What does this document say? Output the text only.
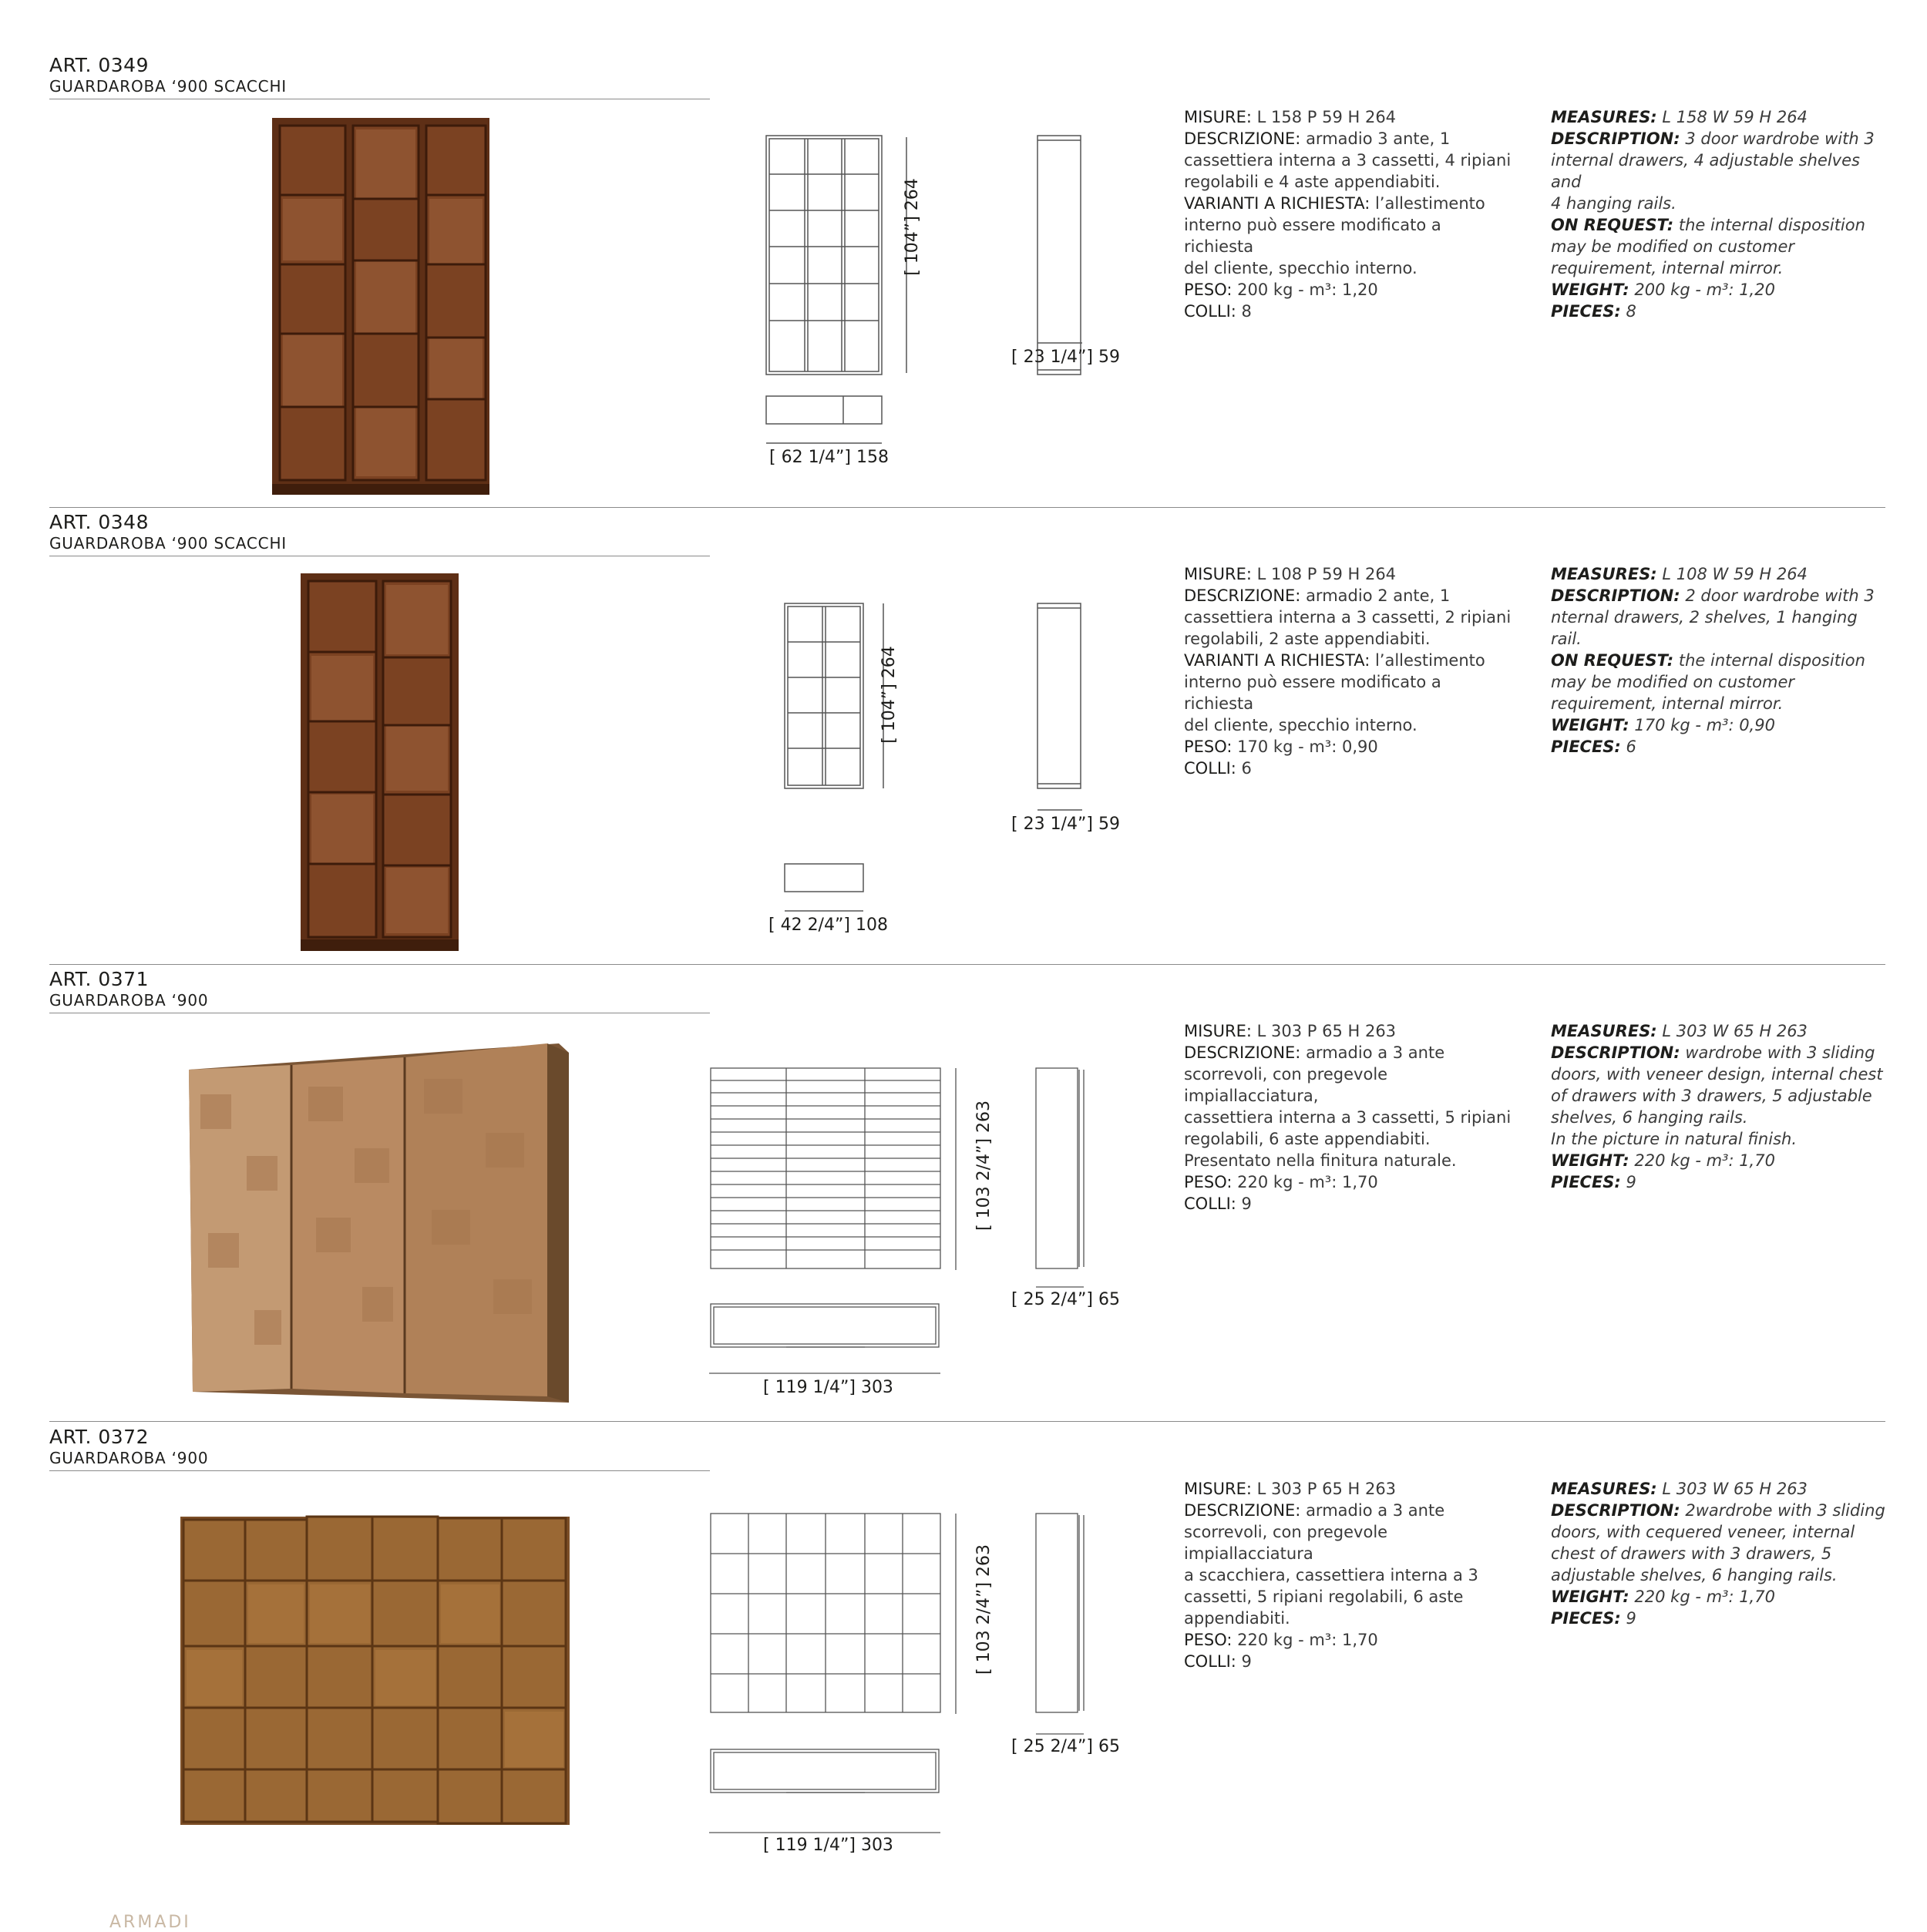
ART. 0349
GUARDAROBA ‘900 SCACCHI
[ 62 1/4”] 158
[ 23 1/4”] 59
[ 104”] 264
MISURE: L 158 P 59 H 264
DESCRIZIONE: armadio 3 ante, 1
cassettiera interna a 3 cassetti, 4 ripiani
regolabili e 4 aste appendiabiti.
VARIANTI A RICHIESTA: l’allestimento
interno può essere modificato a richiesta
del cliente, specchio interno.
PESO: 200 kg - m³: 1,20
COLLI: 8
MEASURES: L 158 W 59 H 264
DESCRIPTION: 3 door wardrobe with 3
internal drawers, 4 adjustable shelves and
4 hanging rails.
ON REQUEST: the internal disposition
may be modified on customer
requirement, internal mirror.
WEIGHT: 200 kg - m³: 1,20
PIECES: 8
ART. 0348
GUARDAROBA ‘900 SCACCHI
[ 42 2/4”] 108
[ 23 1/4”] 59
[ 104”] 264
MISURE: L 108 P 59 H 264
DESCRIZIONE: armadio 2 ante, 1
cassettiera interna a 3 cassetti, 2 ripiani
regolabili, 2 aste appendiabiti.
VARIANTI A RICHIESTA: l’allestimento
interno può essere modificato a richiesta
del cliente, specchio interno.
PESO: 170 kg - m³: 0,90
COLLI: 6
MEASURES: L 108 W 59 H 264
DESCRIPTION: 2 door wardrobe with 3
nternal drawers, 2 shelves, 1 hanging rail.
ON REQUEST: the internal disposition
may be modified on customer
requirement, internal mirror.
WEIGHT: 170 kg - m³: 0,90
PIECES: 6
ART. 0371
GUARDAROBA ‘900
[ 119 1/4”] 303
[ 25 2/4”] 65
[ 103 2/4”] 263
MISURE: L 303 P 65 H 263
DESCRIZIONE: armadio a 3 ante
scorrevoli, con pregevole impiallacciatura,
cassettiera interna a 3 cassetti, 5 ripiani
regolabili, 6 aste appendiabiti.
Presentato nella finitura naturale.
PESO: 220 kg - m³: 1,70
COLLI: 9
MEASURES: L 303 W 65 H 263
DESCRIPTION: wardrobe with 3 sliding
doors, with veneer design, internal chest
of drawers with 3 drawers, 5 adjustable
shelves, 6 hanging rails.
In the picture in natural finish.
WEIGHT: 220 kg - m³: 1,70
PIECES: 9
ART. 0372
GUARDAROBA ‘900
[ 119 1/4”] 303
[ 25 2/4”] 65
[ 103 2/4”] 263
MISURE: L 303 P 65 H 263
DESCRIZIONE: armadio a 3 ante
scorrevoli, con pregevole impiallacciatura
a scacchiera, cassettiera interna a 3
cassetti, 5 ripiani regolabili, 6 aste
appendiabiti.
PESO: 220 kg - m³: 1,70
COLLI: 9
MEASURES: L 303 W 65 H 263
DESCRIPTION: 2wardrobe with 3 sliding
doors, with cequered veneer, internal
chest of drawers with 3 drawers, 5
adjustable shelves, 6 hanging rails.
WEIGHT: 220 kg - m³: 1,70
PIECES: 9
ARMADI
